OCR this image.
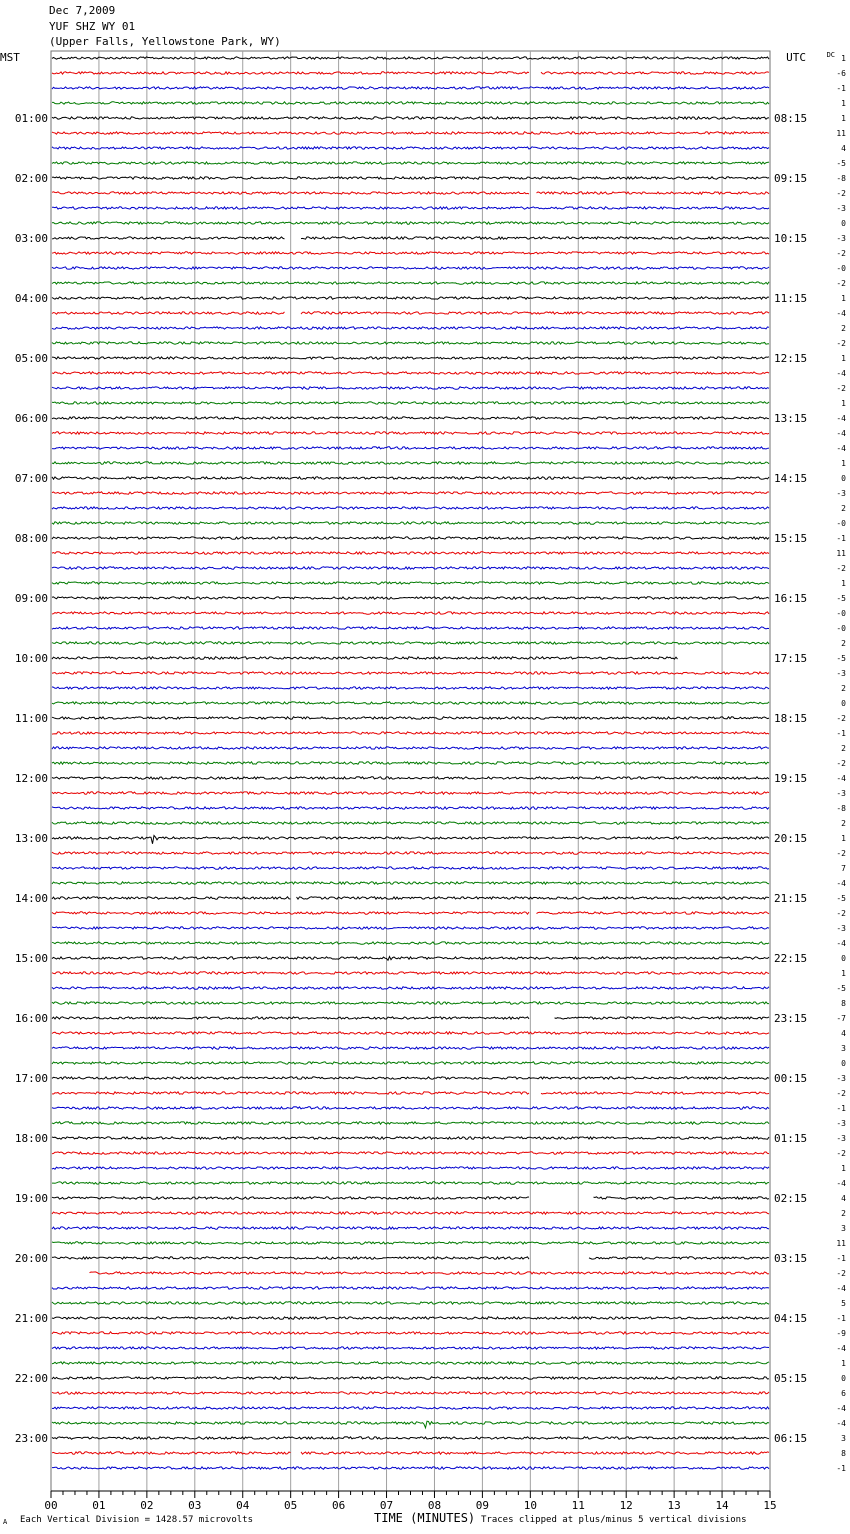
Dec 7,2009
YUF SHZ WY 01
(Upper Falls, Yellowstone Park, WY)
1
-6
-1
1
1
11
4
-5
-8
-2
-3
0
-3
-2
-0
-2
1
-4
2
-2
1
-4
-2
1
-4
-4
-4
1
0
-3
2
-0
-1
11
-2
1
-5
-0
-0
2
-5
-3
2
0
-2
-1
2
-2
-4
-3
-8
2
1
-2
7
-4
-5
-2
-3
-4
0
1
-5
8
-7
4
3
0
-3
-2
-1
-3
-3
-2
1
-4
4
2
3
11
-1
-2
-4
5
-1
-9
-4
1
0
6
-4
-4
3
8
-1
MST	UTC	DC
01:00
02:00
03:00
04:00
05:00
06:00
07:00
08:00
09:00
10:00
11:00
12:00
13:00
14:00
15:00
16:00
17:00
18:00
19:00
20:00
21:00
22:00
23:00
08:15
09:15
10:15
11:15
12:15
13:15
14:15
15:15
16:15
17:15
18:15
19:15
20:15
21:15
22:15
23:15
00:15
01:15
02:15
03:15
04:15
05:15
06:15
00	01	02	03	04	05	06	07	08	09	10	11	12	13	14	15
A Each Vertical Division = 1428.57 microvolts	TIME (MINUTES) Traces clipped at plus/minus 5 vertical divisions
